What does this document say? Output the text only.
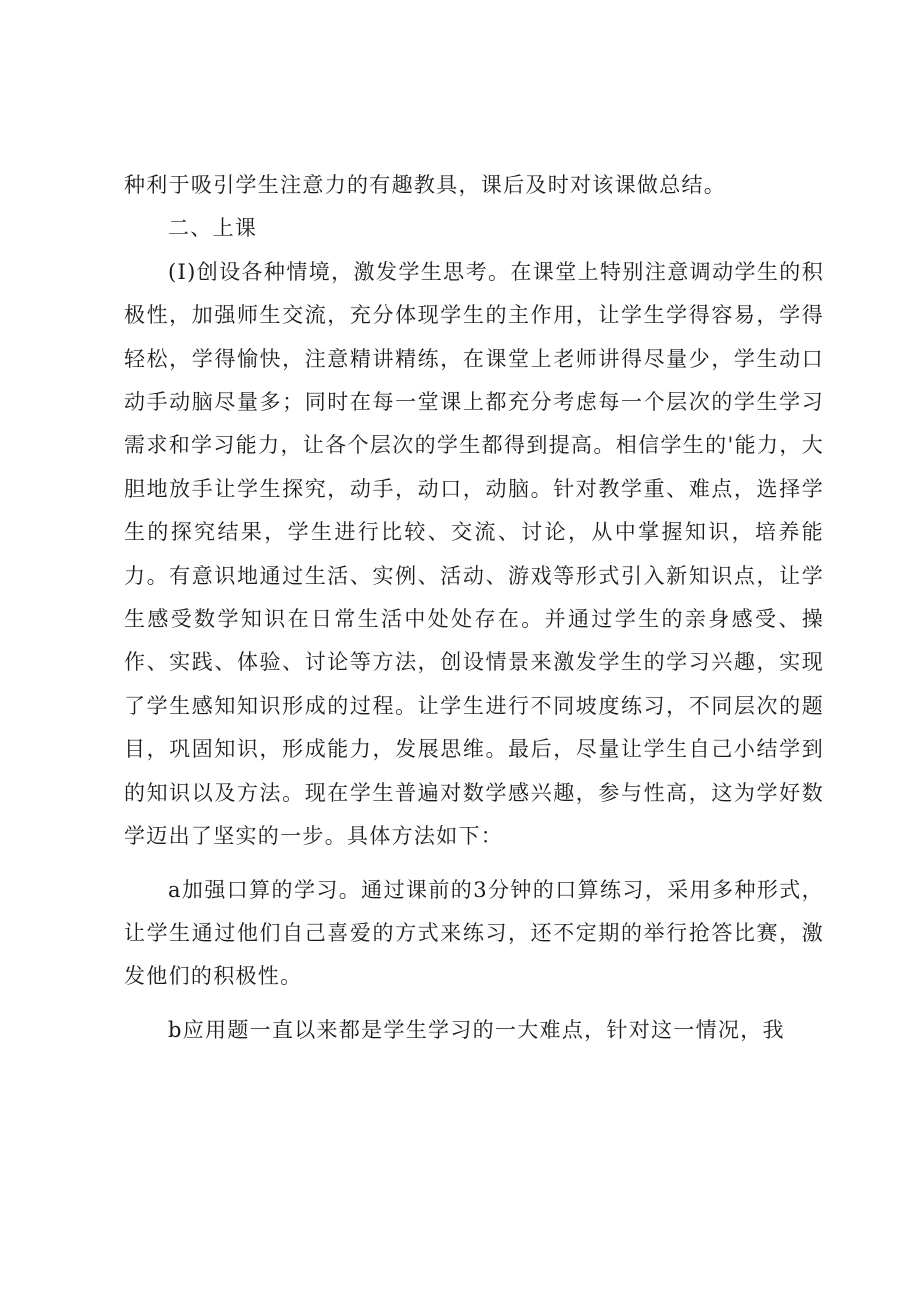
种利于吸引学生注意力的有趣教具，课后及时对该课做总结。

二、上课

(I)创设各种情境，激发学生思考。在课堂上特别注意调动学生的积极性，加强师生交流，充分体现学生的主作用，让学生学得容易，学得轻松，学得愉快，注意精讲精练，在课堂上老师讲得尽量少，学生动口动手动脑尽量多；同时在每一堂课上都充分考虑每一个层次的学生学习需求和学习能力，让各个层次的学生都得到提高。相信学生的'能力，大胆地放手让学生探究，动手，动口，动脑。针对教学重、难点，选择学生的探究结果，学生进行比较、交流、讨论，从中掌握知识，培养能力。有意识地通过生活、实例、活动、游戏等形式引入新知识点，让学生感受数学知识在日常生活中处处存在。并通过学生的亲身感受、操作、实践、体验、讨论等方法，创设情景来激发学生的学习兴趣，实现了学生感知知识形成的过程。让学生进行不同坡度练习，不同层次的题目，巩固知识，形成能力，发展思维。最后，尽量让学生自己小结学到的知识以及方法。现在学生普遍对数学感兴趣，参与性高，这为学好数学迈出了坚实的一步。具体方法如下：

a加强口算的学习。通过课前的3分钟的口算练习，采用多种形式，让学生通过他们自己喜爱的方式来练习，还不定期的举行抢答比赛，激发他们的积极性。

b应用题一直以来都是学生学习的一大难点，针对这一情况，我
